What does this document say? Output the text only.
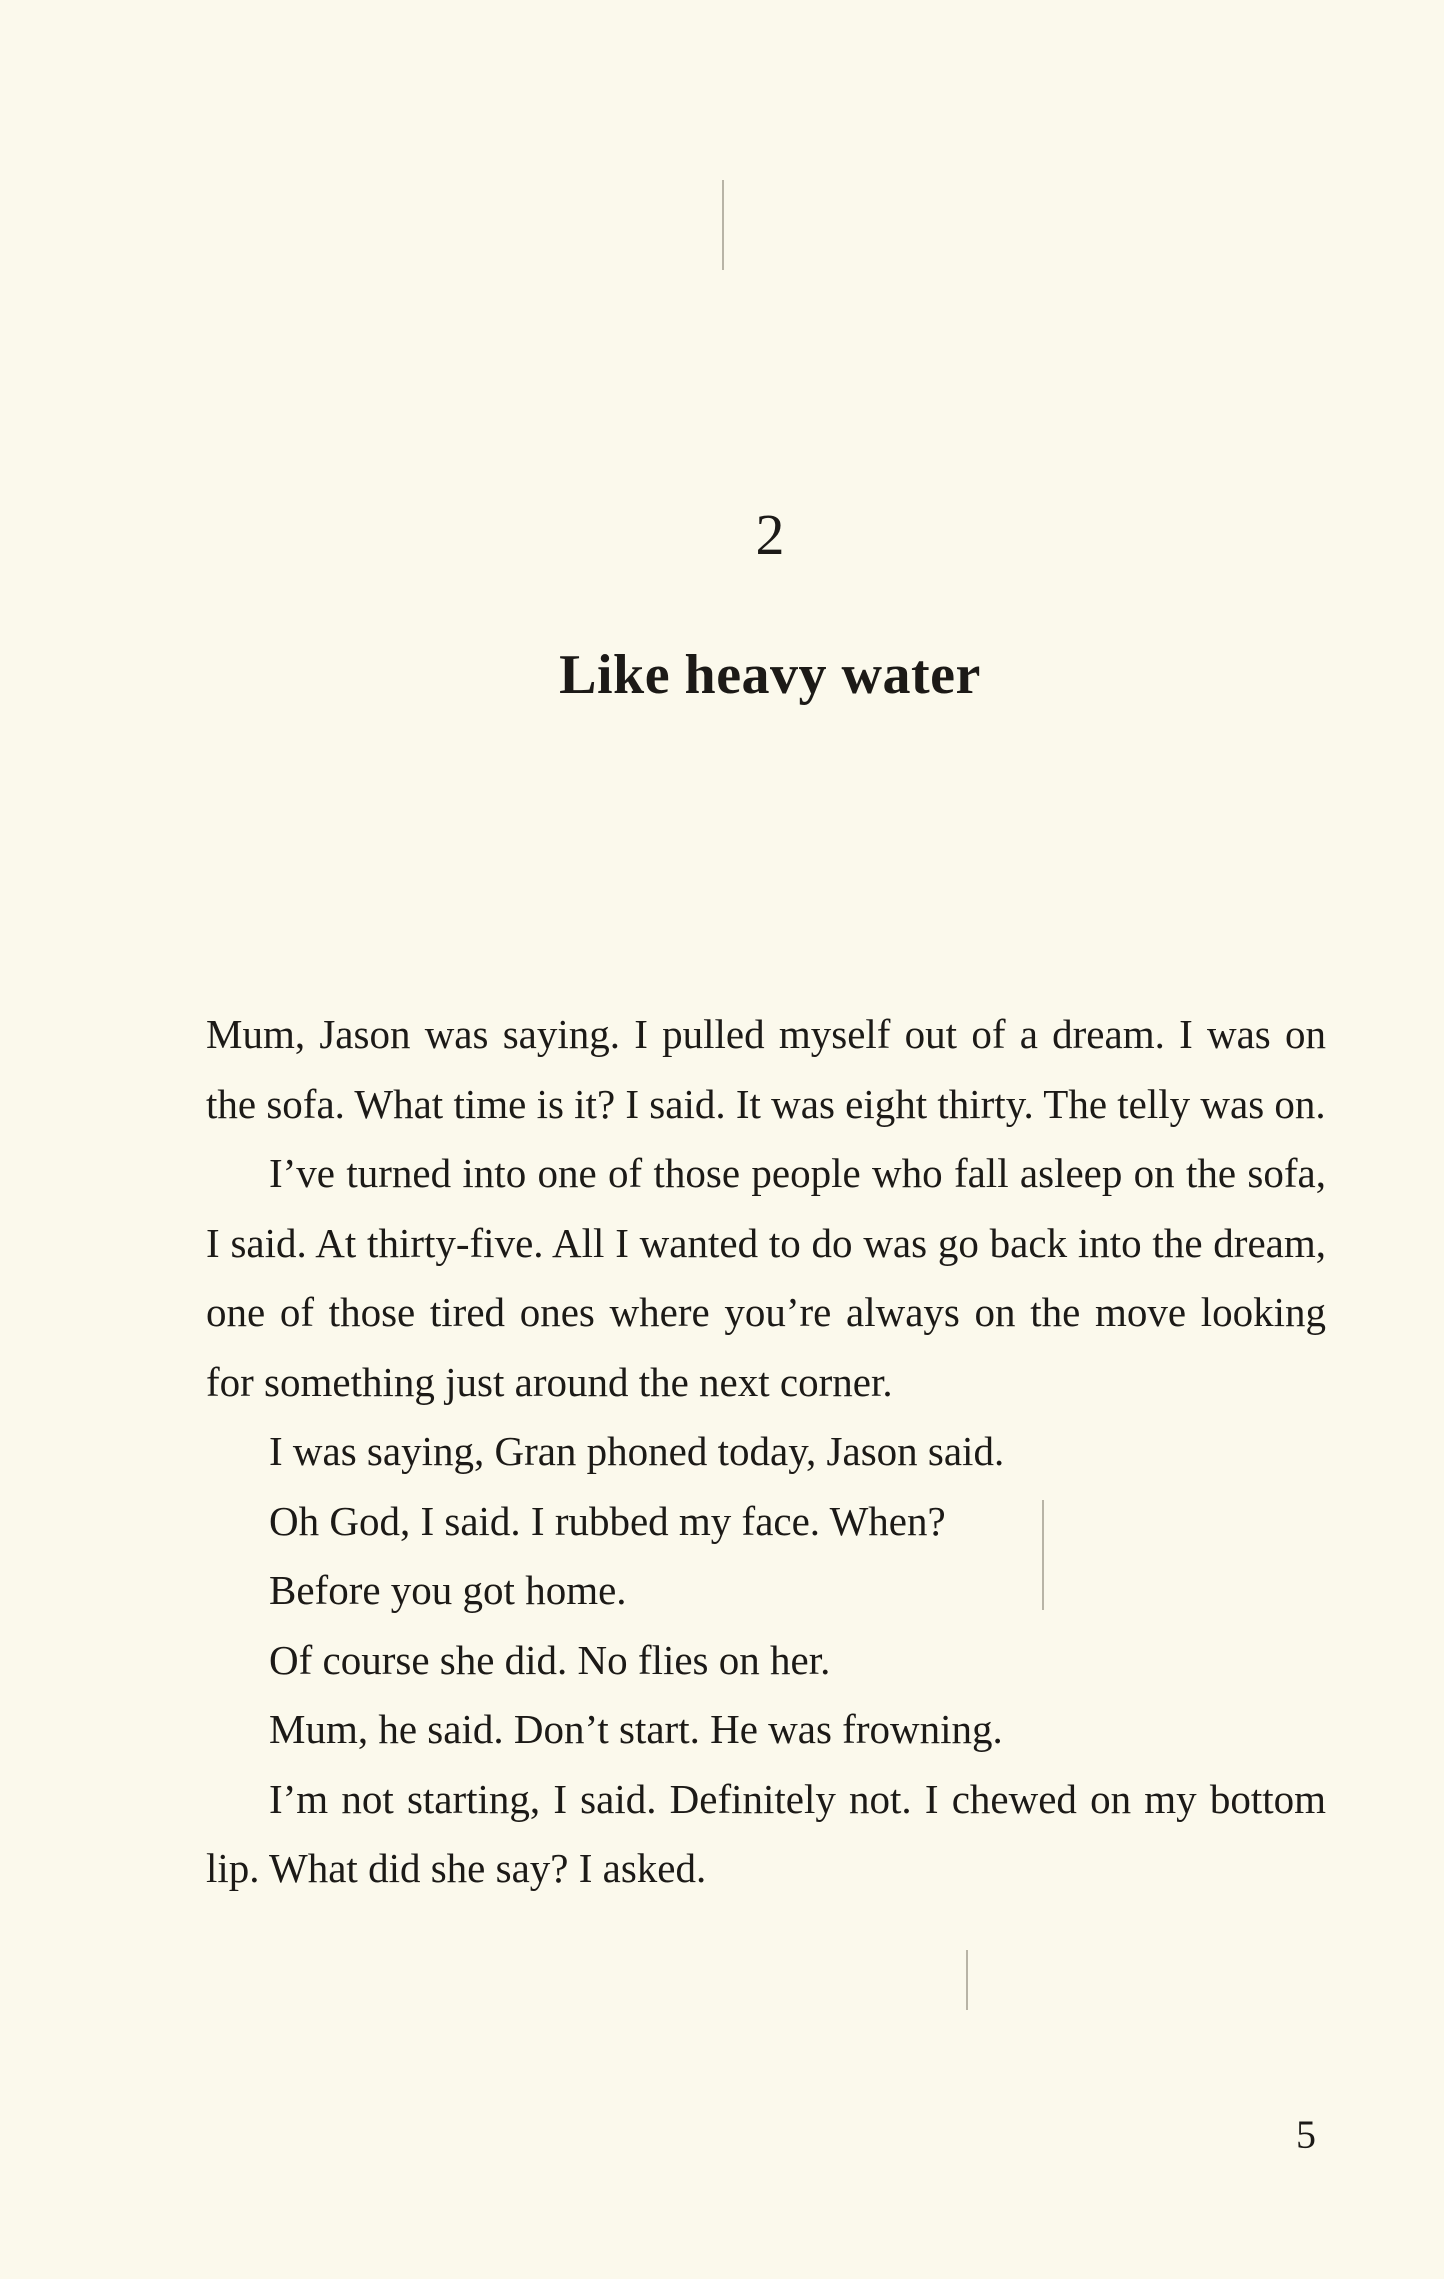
2
Like heavy water

Mum, Jason was saying. I pulled myself out of a dream. I was on the sofa. What time is it? I said. It was eight thirty. The telly was on.

I’ve turned into one of those people who fall asleep on the sofa, I said. At thirty-five. All I wanted to do was go back into the dream, one of those tired ones where you’re always on the move looking for something just around the next corner.

I was saying, Gran phoned today, Jason said.

Oh God, I said. I rubbed my face. When?

Before you got home.

Of course she did. No flies on her.

Mum, he said. Don’t start. He was frowning.

I’m not starting, I said. Definitely not. I chewed on my bottom lip. What did she say? I asked.

5
